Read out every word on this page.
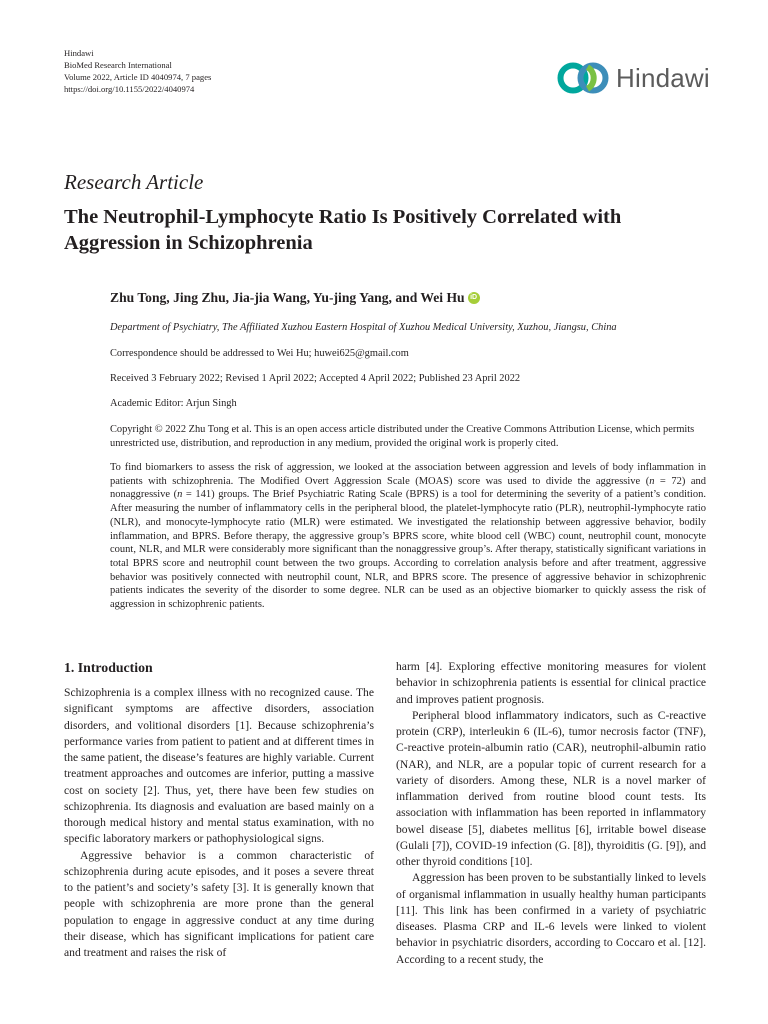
Hindawi
BioMed Research International
Volume 2022, Article ID 4040974, 7 pages
https://doi.org/10.1155/2022/4040974	Hindawi
Research Article
The Neutrophil-Lymphocyte Ratio Is Positively Correlated with Aggression in Schizophrenia
Zhu Tong, Jing Zhu, Jia-jia Wang, Yu-jing Yang, and Wei Hu iD
Department of Psychiatry, The Affiliated Xuzhou Eastern Hospital of Xuzhou Medical University, Xuzhou, Jiangsu, China
Correspondence should be addressed to Wei Hu; huwei625@gmail.com
Received 3 February 2022; Revised 1 April 2022; Accepted 4 April 2022; Published 23 April 2022
Academic Editor: Arjun Singh
Copyright © 2022 Zhu Tong et al. This is an open access article distributed under the Creative Commons Attribution License, which permits unrestricted use, distribution, and reproduction in any medium, provided the original work is properly cited.

To find biomarkers to assess the risk of aggression, we looked at the association between aggression and levels of body inflammation in patients with schizophrenia. The Modified Overt Aggression Scale (MOAS) score was used to divide the aggressive (n = 72) and nonaggressive (n = 141) groups. The Brief Psychiatric Rating Scale (BPRS) is a tool for determining the severity of a patient’s condition. After measuring the number of inflammatory cells in the peripheral blood, the platelet-lymphocyte ratio (PLR), neutrophil-lymphocyte ratio (NLR), and monocyte-lymphocyte ratio (MLR) were estimated. We investigated the relationship between aggressive behavior, bodily inflammation, and BPRS. Before therapy, the aggressive group’s BPRS score, white blood cell (WBC) count, neutrophil count, monocyte count, NLR, and MLR were considerably more significant than the nonaggressive group’s. After therapy, statistically significant variations in total BPRS score and neutrophil count between the two groups. According to correlation analysis before and after treatment, aggressive behavior was positively connected with neutrophil count, NLR, and BPRS score. The presence of aggressive behavior in schizophrenic patients indicates the severity of the disorder to some degree. NLR can be used as an objective biomarker to quickly assess the risk of aggression in schizophrenic patients.

1. Introduction

Schizophrenia is a complex illness with no recognized cause. The significant symptoms are affective disorders, association disorders, and volitional disorders [1]. Because schizophrenia’s performance varies from patient to patient and at different times in the same patient, the disease’s features are highly variable. Current treatment approaches and outcomes are inferior, putting a massive cost on society [2]. Thus, yet, there have been few studies on schizophrenia. Its diagnosis and evaluation are based mainly on a thorough medical history and mental status examination, with no specific laboratory markers or pathophysiological signs.

Aggressive behavior is a common characteristic of schizophrenia during acute episodes, and it poses a severe threat to the patient’s and society’s safety [3]. It is generally known that people with schizophrenia are more prone than the general population to engage in aggressive conduct at any time during their disease, which has significant implications for patient care and treatment and raises the risk of

harm [4]. Exploring effective monitoring measures for violent behavior in schizophrenia patients is essential for clinical practice and improves patient prognosis.

Peripheral blood inflammatory indicators, such as C-reactive protein (CRP), interleukin 6 (IL-6), tumor necrosis factor (TNF), C-reactive protein-albumin ratio (CAR), neutrophil-albumin ratio (NAR), and NLR, are a popular topic of current research for a variety of disorders. Among these, NLR is a novel marker of inflammation derived from routine blood count tests. Its association with inflammation has been reported in inflammatory bowel disease [5], diabetes mellitus [6], irritable bowel disease (Gulali [7]), COVID-19 infection (G. [8]), thyroiditis (G. [9]), and other thyroid conditions [10].

Aggression has been proven to be substantially linked to levels of organismal inflammation in usually healthy human participants [11]. This link has been confirmed in a variety of psychiatric diseases. Plasma CRP and IL-6 levels were linked to violent behavior in psychiatric disorders, according to Coccaro et al. [12]. According to a recent study, the
